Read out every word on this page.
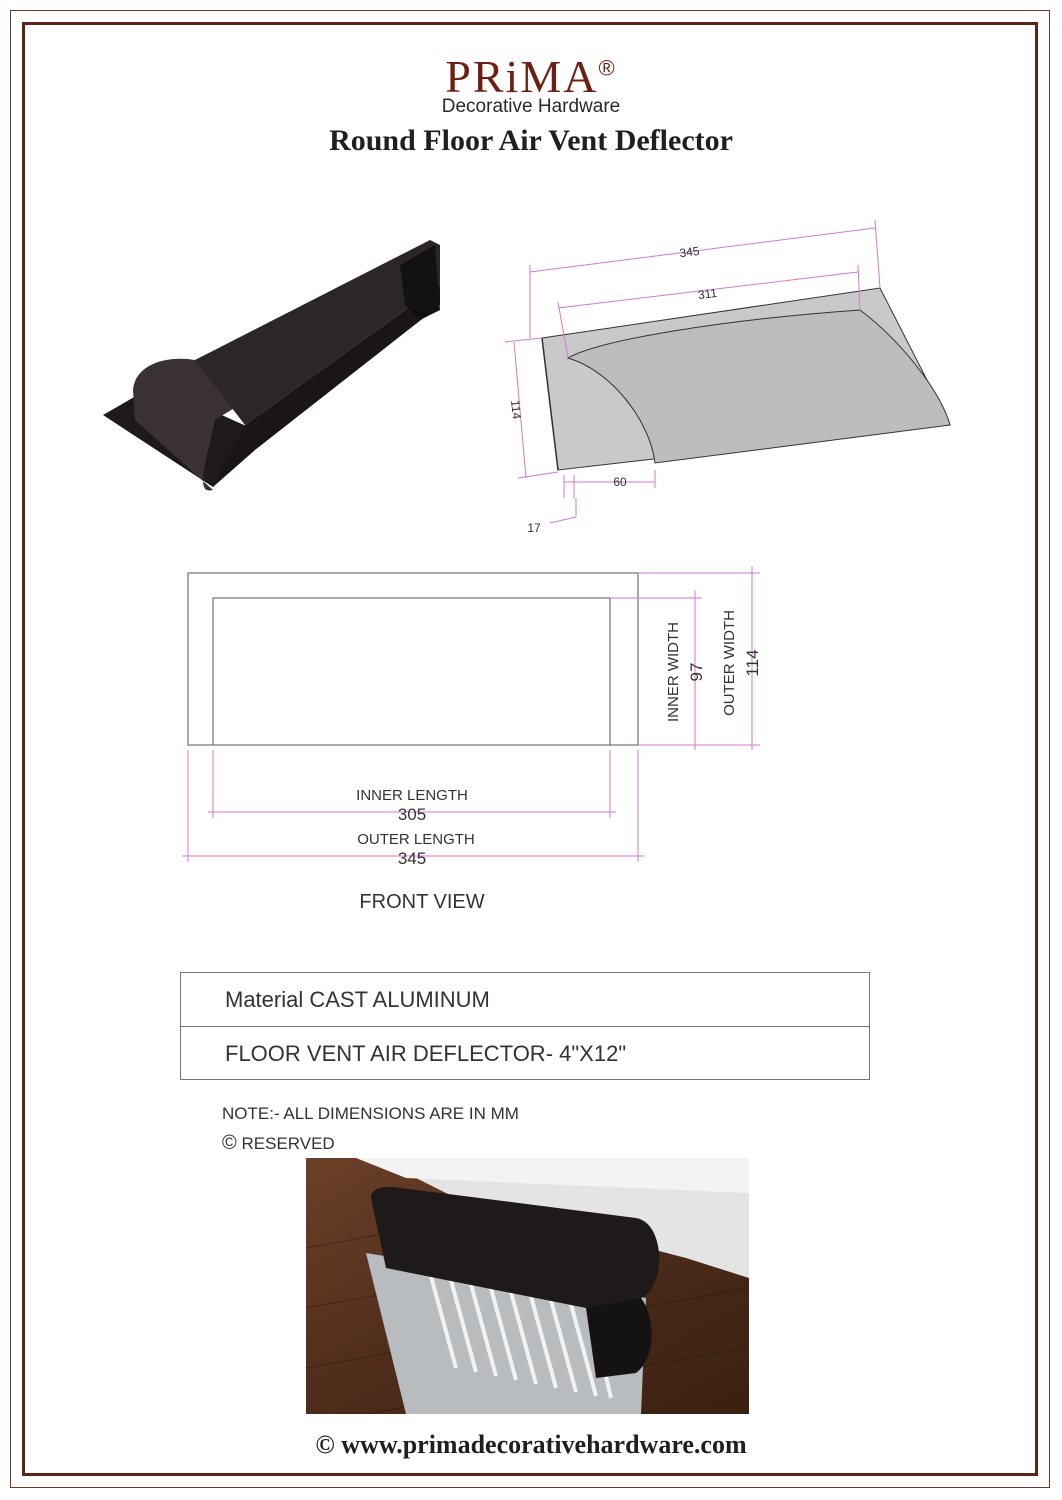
PRiMA®
Decorative Hardware
Round Floor Air Vent Deflector
345
311
114
60
17
INNER WIDTH 97 OUTER WIDTH 114
INNER LENGTH
305
OUTER LENGTH
345
FRONT VIEW
Material CAST ALUMINUM
FLOOR VENT AIR DEFLECTOR- 4"X12"
NOTE:- ALL DIMENSIONS ARE IN MM
© RESERVED
© www.primadecorativehardware.com
